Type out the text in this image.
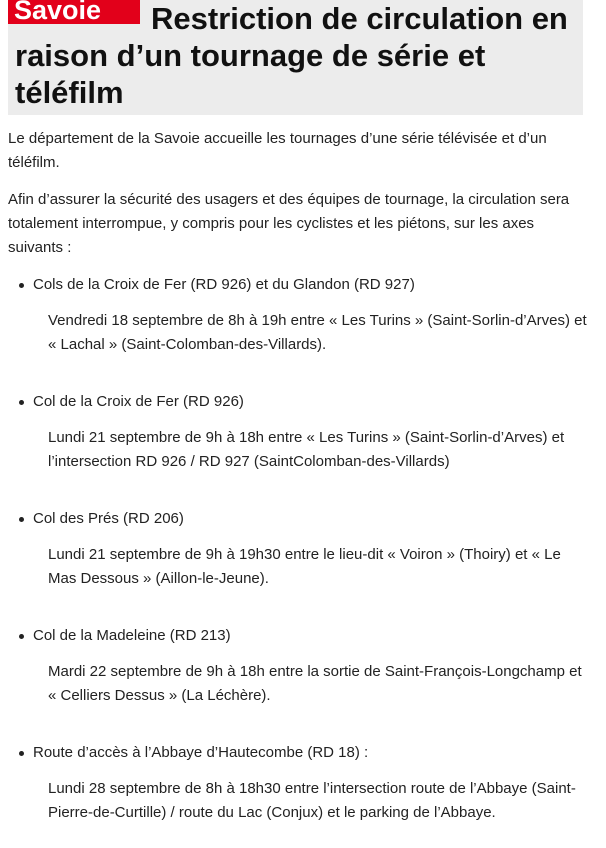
Savoie	Restriction de circulation en raison d’un tournage de série et téléfilm

Le département de la Savoie accueille les tournages d’une série télévisée et d’un téléfilm.

Afin d’assurer la sécurité des usagers et des équipes de tournage, la circulation sera totalement interrompue, y compris pour les cyclistes et les piétons, sur les axes suivants :

Cols de la Croix de Fer (RD 926) et du Glandon (RD 927)
Vendredi 18 septembre de 8h à 19h entre « Les Turins » (Saint-Sorlin-d’Arves) et « Lachal » (Saint-Colomban-des-Villards).
Col de la Croix de Fer (RD 926)
Lundi 21 septembre de 9h à 18h entre « Les Turins » (Saint-Sorlin-d’Arves) et l’intersection RD 926 / RD 927 (SaintColomban-des-Villards)
Col des Prés (RD 206)
Lundi 21 septembre de 9h à 19h30 entre le lieu-dit « Voiron » (Thoiry) et « Le Mas Dessous » (Aillon-le-Jeune).
Col de la Madeleine (RD 213)
Mardi 22 septembre de 9h à 18h entre la sortie de Saint-François-Longchamp et « Celliers Dessus » (La Léchère).
Route d’accès à l’Abbaye d’Hautecombe (RD 18) :
Lundi 28 septembre de 8h à 18h30 entre l’intersection route de l’Abbaye (Saint-Pierre-de-Curtille) / route du Lac (Conjux) et le parking de l’Abbaye.
